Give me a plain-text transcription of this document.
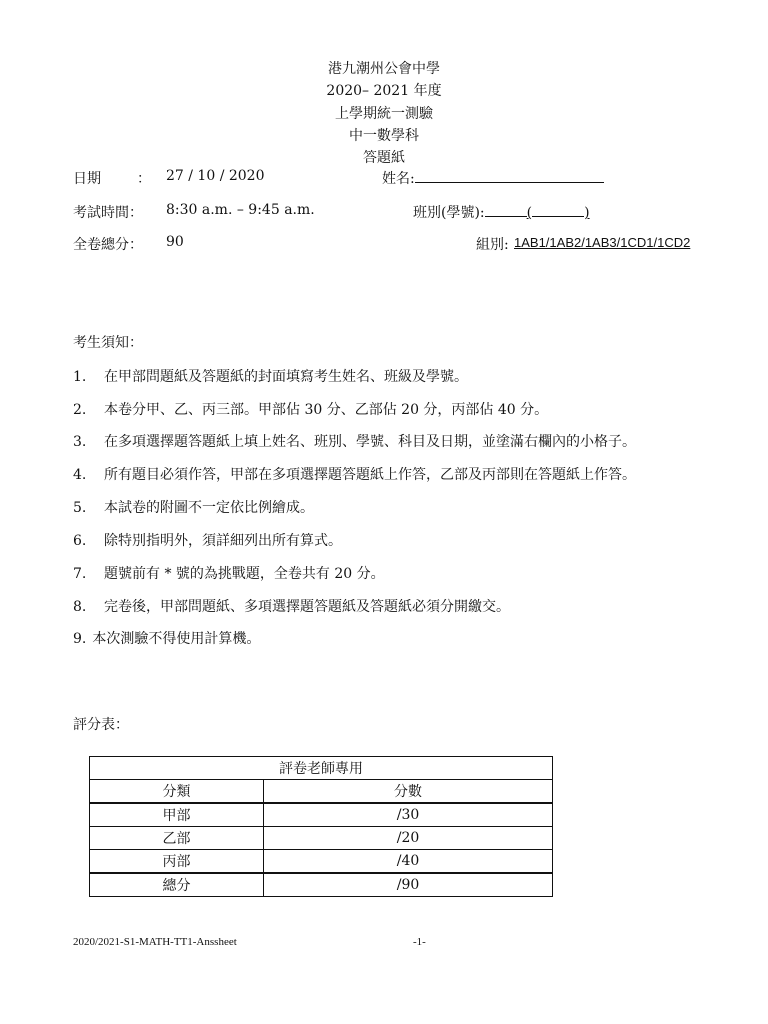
港九潮州公會中學
2020– 2021 年度
上學期統一測驗
中一數學科
答題紙
日期	： 27 / 10 / 2020	姓名:
考試時間： 8:30 a.m. – 9:45 a.m.	班別(學號):	(	)
全卷總分： 90	組別: 1AB1/1AB2/1AB3/1CD1/1CD2
考生須知：
1. 在甲部問題紙及答題紙的封面填寫考生姓名、班級及學號。
2. 本卷分甲、乙、丙三部。甲部佔 30 分、乙部佔 20 分，丙部佔 40 分。
3. 在多項選擇題答題紙上填上姓名、班別、學號、科目及日期，並塗滿右欄內的小格子。
4. 所有題目必須作答，甲部在多項選擇題答題紙上作答，乙部及丙部則在答題紙上作答。
5. 本試卷的附圖不一定依比例繪成。
6. 除特別指明外，須詳細列出所有算式。
7. 題號前有 * 號的為挑戰題，全卷共有 20 分。
8. 完卷後，甲部問題紙、多項選擇題答題紙及答題紙必須分開繳交。
9. 本次測驗不得使用計算機。
評分表：
評卷老師專用	
分類	分數
甲部	/30
乙部	/20
丙部	/40
總分	/90
2020/2021-S1-MATH-TT1-Anssheet	-1-
